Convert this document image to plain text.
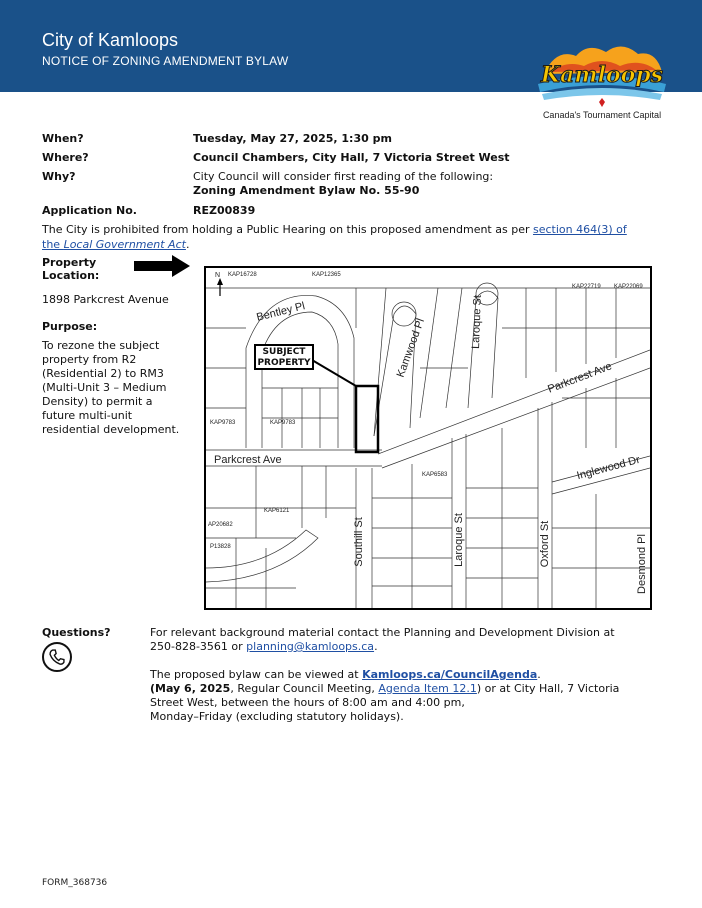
City of Kamloops
NOTICE OF ZONING AMENDMENT BYLAW
Kamloops
Canada's Tournament Capital
When?	Tuesday, May 27, 2025, 1:30 pm
Where?	Council Chambers, City Hall, 7 Victoria Street West
Why?	City Council will consider first reading of the following:
Zoning Amendment Bylaw No. 55-90
Application No.	REZ00839
The City is prohibited from holding a Public Hearing on this proposed amendment as per section 464(3) of
the Local Government Act.
Property
Location:
1898 Parkcrest Avenue
Purpose:
To rezone the subject
property from R2
(Residential 2) to RM3
(Multi-Unit 3 – Medium
Density) to permit a
future multi-unit
residential development.
N
SUBJECT
PROPERTY
Bentley Pl
Kamwood Pl	Laroque St
Parkcrest Ave
Parkcrest Ave	Inglewood Dr
Southill St	Laroque St	Oxford St	Desmond Pl
KAP16728	KAP12365
KAP22719 KAP22069
KAP9783	KAP9783
KAP6121
KAP6583
AP20682
P13828
Questions?	For relevant background material contact the Planning and Development Division at
250-828-3561 or planning@kamloops.ca.
The proposed bylaw can be viewed at Kamloops.ca/CouncilAgenda.
(May 6, 2025, Regular Council Meeting, Agenda Item 12.1) or at City Hall, 7 Victoria
Street West, between the hours of 8:00 am and 4:00 pm,
Monday–Friday (excluding statutory holidays).
FORM_368736
